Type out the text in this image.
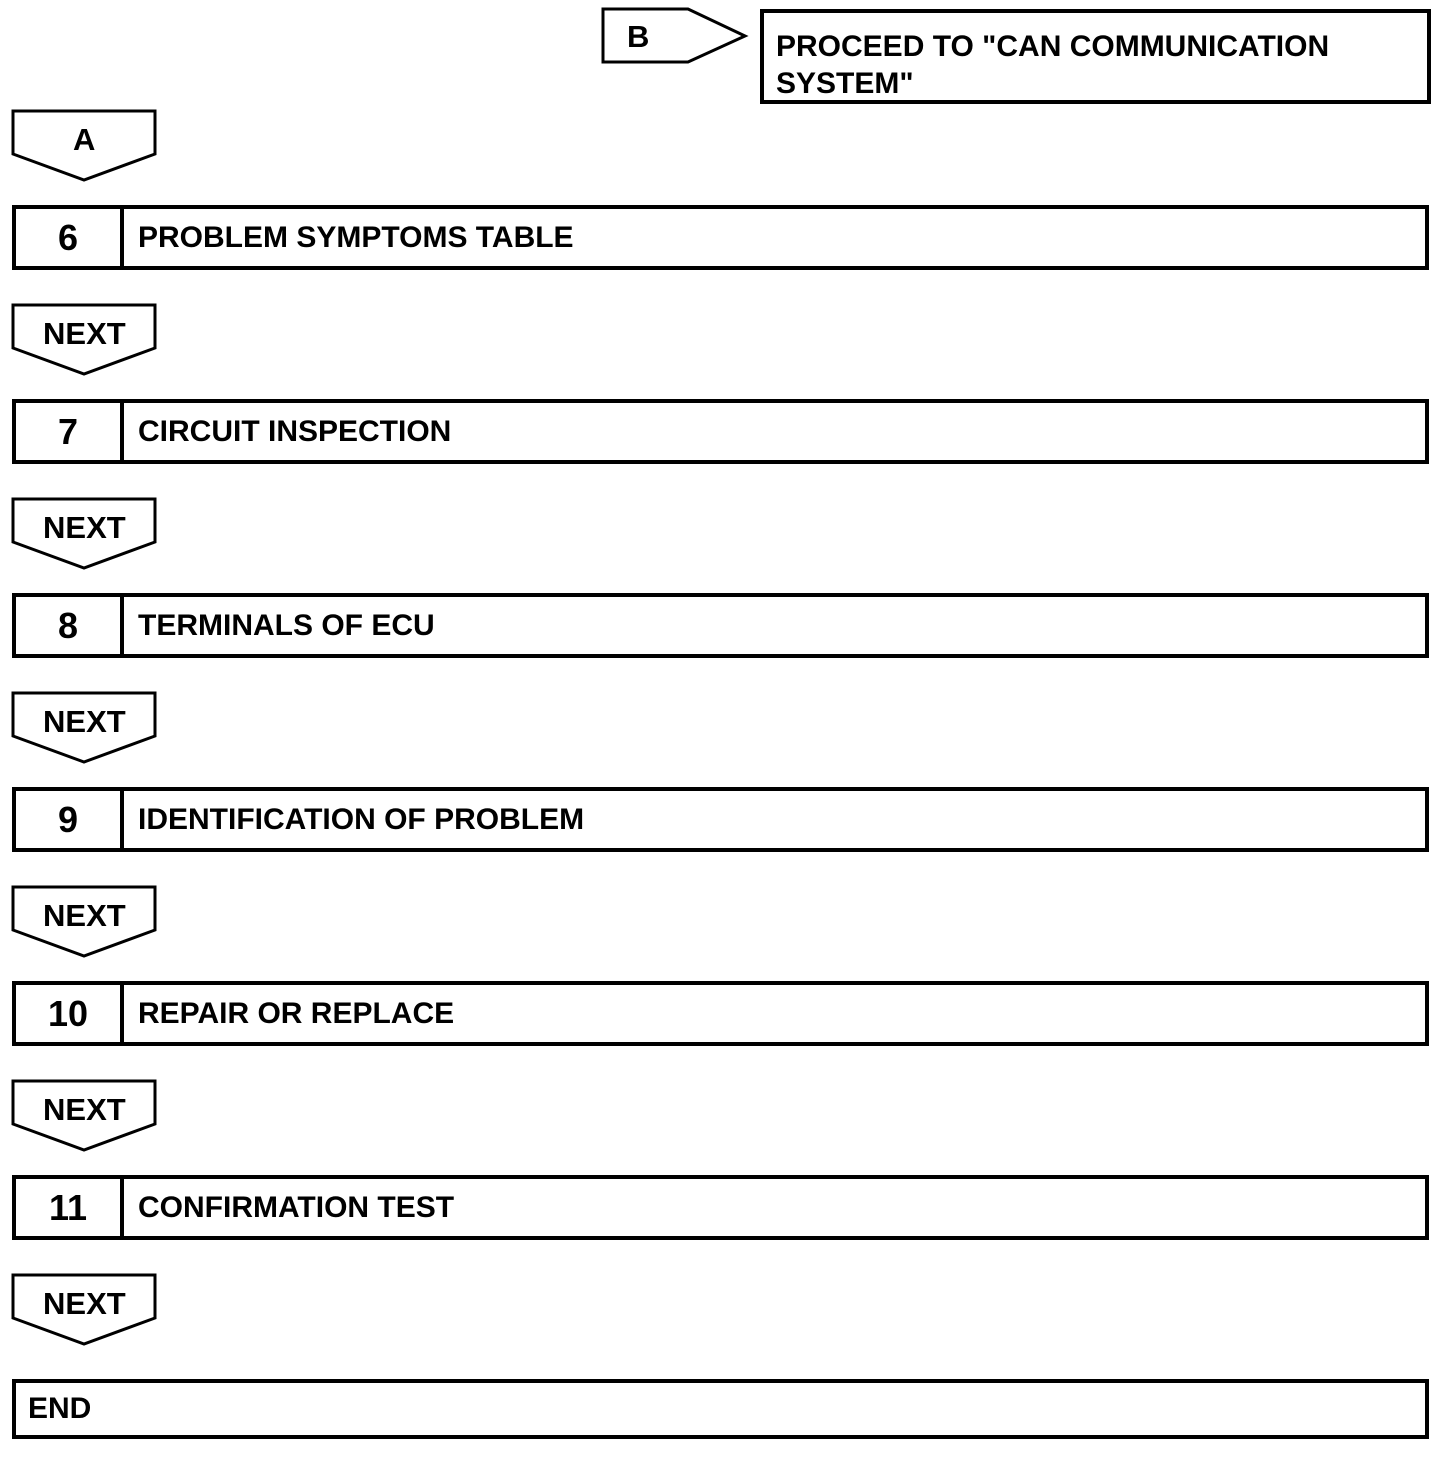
B	PROCEED TO "CAN COMMUNICATION SYSTEM"
A
6	PROBLEM SYMPTOMS TABLE
NEXT
7	CIRCUIT INSPECTION
NEXT
8	TERMINALS OF ECU
NEXT
9	IDENTIFICATION OF PROBLEM
NEXT
10	REPAIR OR REPLACE
NEXT
11	CONFIRMATION TEST
NEXT
END
